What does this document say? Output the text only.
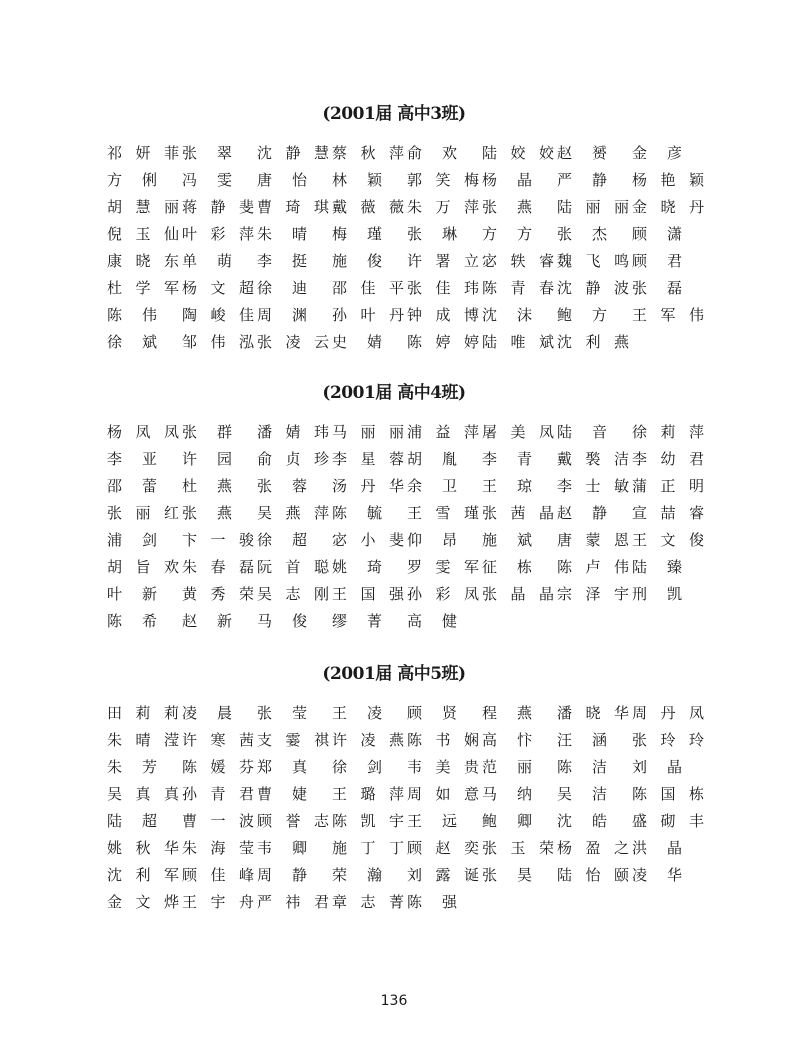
(2001届 高中3班)
祁 妍 菲 张 翠 沈 静 慧 蔡 秋 萍 俞 欢 陆 姣 姣 赵 赟 金 彦
方 俐 冯 雯 唐 怡 林 颖 郭 笑 梅 杨 晶 严 静 杨 艳 颖
胡 慧 丽 蒋 静 斐 曹 琦 琪 戴 薇 薇 朱 万 萍 张 燕 陆 丽 丽 金 晓 丹
倪 玉 仙 叶 彩 萍 朱 晴 梅 瑾 张 琳 方 方 张 杰 顾 潇
康 晓 东 单 萌 李 挺 施 俊 许 署 立 宓 轶 睿 魏 飞 鸣 顾 君
杜 学 军 杨 文 超 徐 迪 邵 佳 平 张 佳 玮 陈 青 春 沈 静 波 张 磊
陈 伟 陶 峻 佳 周 渊 孙 叶 丹 钟 成 博 沈 沫 鲍 方 王 军 伟
徐 斌 邹 伟 泓 张 凌 云 史 婧 陈 婷 婷 陆 唯 斌 沈 利 燕
(2001届 高中4班)
杨 凤 凤 张 群 潘 婧 玮 马 丽 丽 浦 益 萍 屠 美 凤 陆 音 徐 莉 萍
李 亚 许 园 俞 贞 珍 李 星 蓉 胡 胤 李 青 戴 褧 洁 李 幼 君
邵 蕾 杜 燕 张 蓉 汤 丹 华 余 卫 王 琼 李 士 敏 蒲 正 明
张 丽 红 张 燕 吴 燕 萍 陈 毓 王 雪 瑾 张 茜 晶 赵 静 宣 喆 睿
浦 剑 卞 一 骏 徐 超 宓 小 斐 仰 昂 施 斌 唐 蒙 恩 王 文 俊
胡 旨 欢 朱 春 磊 阮 首 聪 姚 琦 罗 雯 军 征 栋 陈 卢 伟 陆 臻
叶 新 黄 秀 荣 吴 志 刚 王 国 强 孙 彩 凤 张 晶 晶 宗 泽 宇 刑 凯
陈 希 赵 新 马 俊 缪 菁 高 健
(2001届 高中5班)
田 莉 莉 凌 晨 张 莹 王 凌 顾 贤 程 燕 潘 晓 华 周 丹 凤
朱 晴 滢 许 寒 茜 支 霎 祺 许 凌 燕 陈 书 娴 高 忭 汪 涵 张 玲 玲
朱 芳 陈 媛 芬 郑 真 徐 剑 韦 美 贵 范 丽 陈 洁 刘 晶
吴 真 真 孙 青 君 曹 婕 王 璐 萍 周 如 意 马 纳 吴 洁 陈 国 栋
陆 超 曹 一 波 顾 誉 志 陈 凯 宇 王 远 鲍 卿 沈 皓 盛 砌 丰
姚 秋 华 朱 海 莹 韦 卿 施 丁 丁 顾 赵 奕 张 玉 荣 杨 盈 之 洪 晶
沈 利 军 顾 佳 峰 周 静 荣 瀚 刘 露 诞 张 昊 陆 怡 颐 凌 华
金 文 烨 王 宇 舟 严 祎 君 章 志 菁 陈 强
136
